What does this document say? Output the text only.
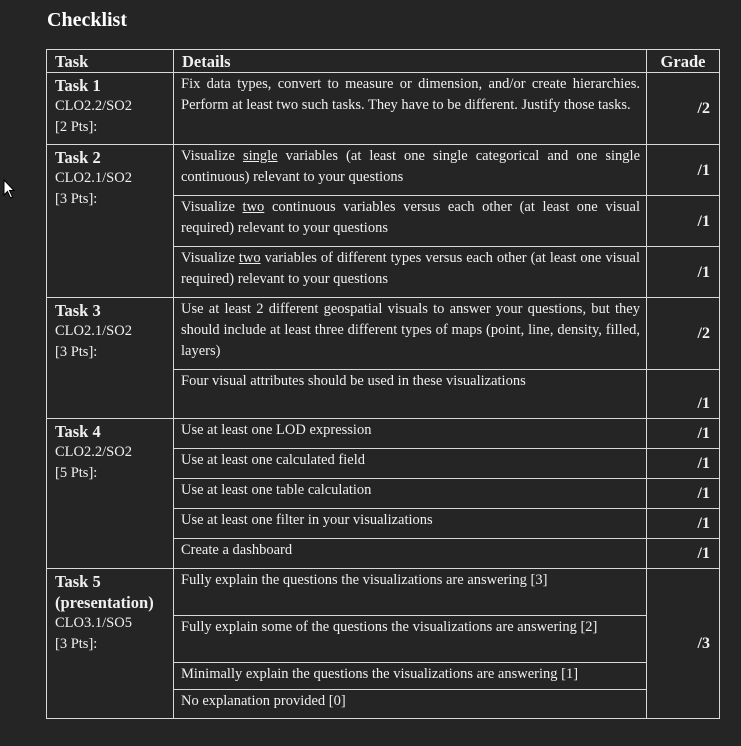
Checklist
Task	Details	Grade

Task 1
CLO2.2/SO2
[2 Pts]:	Fix data types, convert to measure or dimension, and/or create hierarchies. Perform at least two such tasks. They have to be different. Justify those tasks.	/2

Task 2
CLO2.1/SO2
[3 Pts]:	Visualize single variables (at least one single categorical and one single continuous) relevant to your questions	/1
	Visualize two continuous variables versus each other (at least one visual required) relevant to your questions	/1
	Visualize two variables of different types versus each other (at least one visual required) relevant to your questions	/1

Task 3
CLO2.1/SO2
[3 Pts]:	Use at least 2 different geospatial visuals to answer your questions, but they should include at least three different types of maps (point, line, density, filled, layers)	/2
	Four visual attributes should be used in these visualizations	/1

Task 4
CLO2.2/SO2
[5 Pts]:	Use at least one LOD expression	/1
	Use at least one calculated field	/1
	Use at least one table calculation	/1
	Use at least one filter in your visualizations	/1
	Create a dashboard	/1

Task 5 (presentation)
CLO3.1/SO5
[3 Pts]:	Fully explain the questions the visualizations are answering [3]	/3
	Fully explain some of the questions the visualizations are answering [2]	
	Minimally explain the questions the visualizations are answering [1]	
	No explanation provided [0]	
